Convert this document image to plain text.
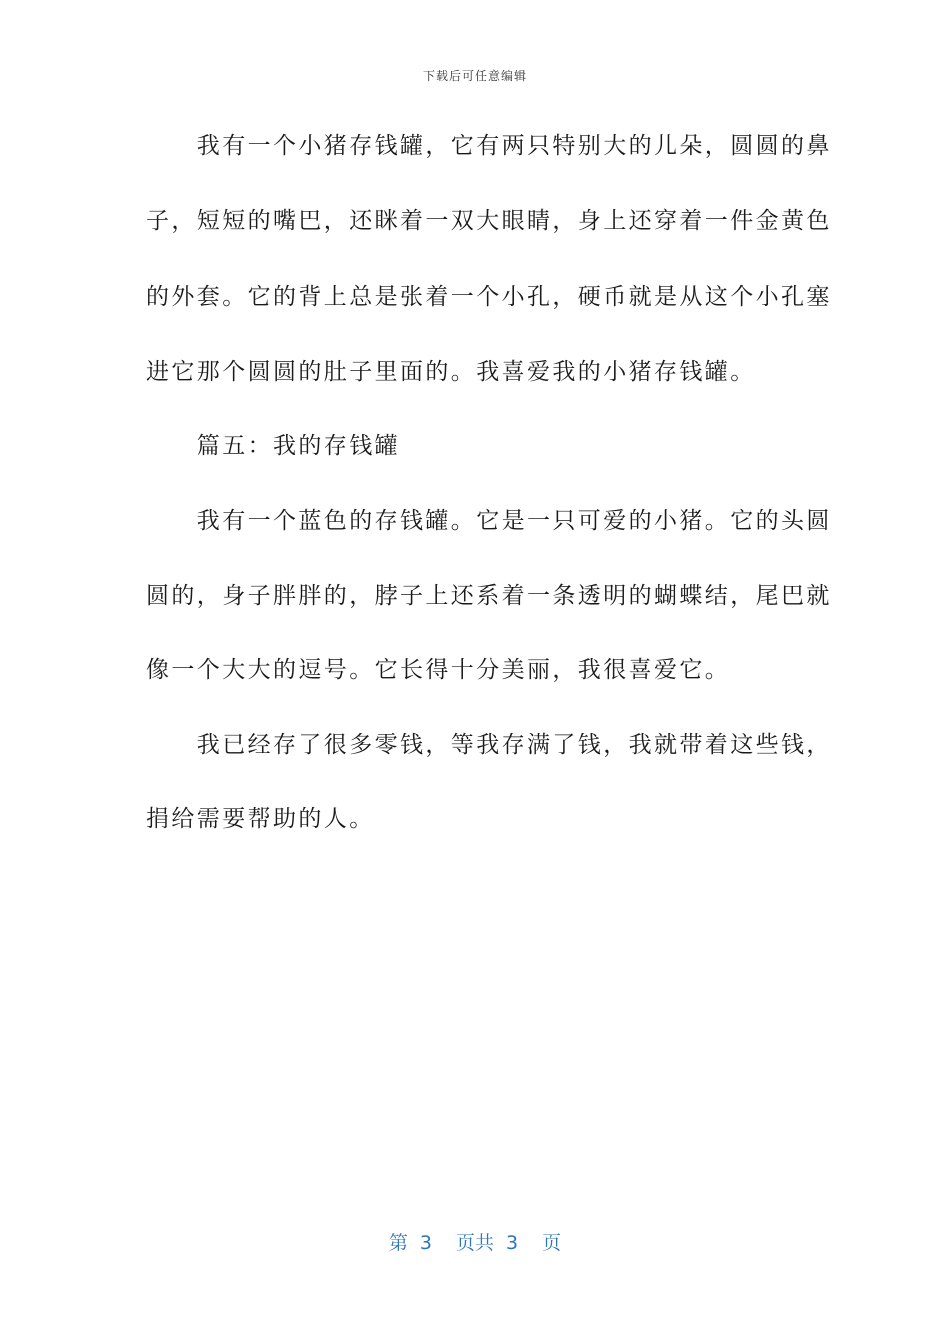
下载后可任意编辑
　　我有一个小猪存钱罐，它有两只特别大的儿朵，圆圆的鼻
子，短短的嘴巴，还眯着一双大眼睛，身上还穿着一件金黄色
的外套。它的背上总是张着一个小孔，硬币就是从这个小孔塞
进它那个圆圆的肚子里面的。我喜爱我的小猪存钱罐。
　　篇五：我的存钱罐
　　我有一个蓝色的存钱罐。它是一只可爱的小猪。它的头圆
圆的，身子胖胖的，脖子上还系着一条透明的蝴蝶结，尾巴就
像一个大大的逗号。它长得十分美丽，我很喜爱它。
　　我已经存了很多零钱，等我存满了钱，我就带着这些钱，
捐给需要帮助的人。
第 3 页共 3 页
